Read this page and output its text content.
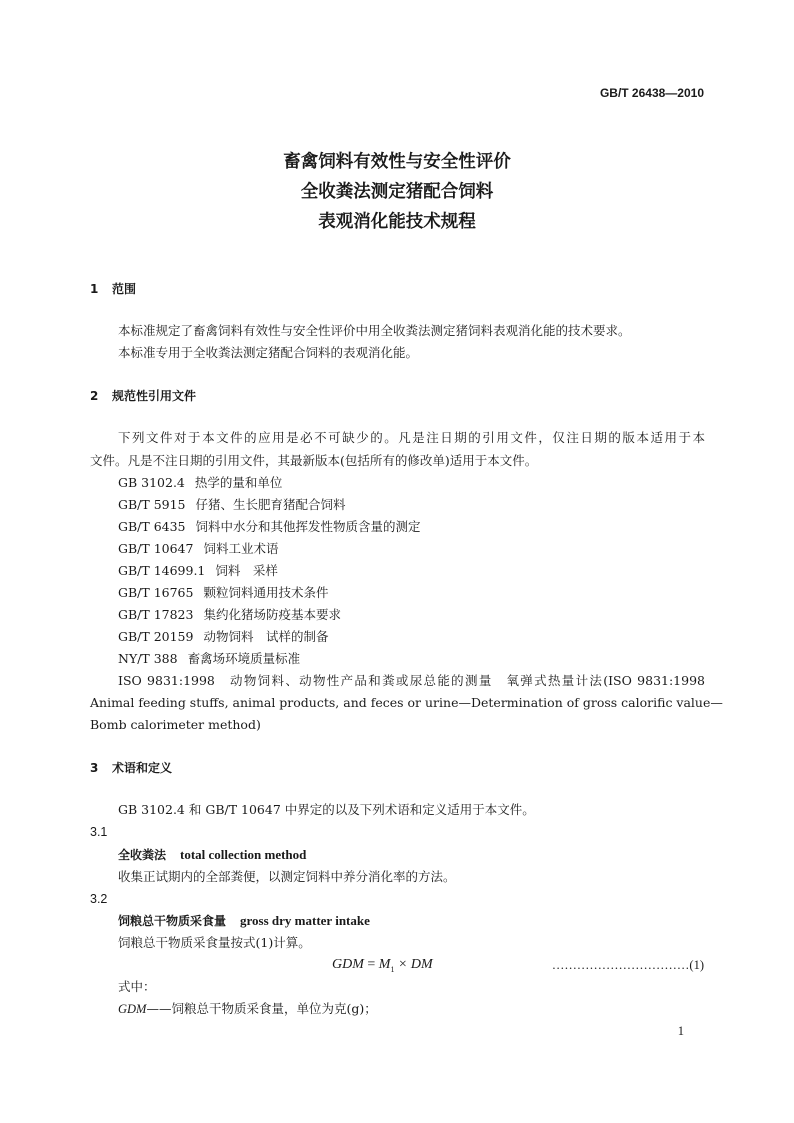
GB/T 26438—2010
畜禽饲料有效性与安全性评价
全收粪法测定猪配合饲料
表观消化能技术规程
1 范围
本标准规定了畜禽饲料有效性与安全性评价中用全收粪法测定猪饲料表观消化能的技术要求。
本标准专用于全收粪法测定猪配合饲料的表观消化能。
2 规范性引用文件
下列文件对于本文件的应用是必不可缺少的。凡是注日期的引用文件，仅注日期的版本适用于本
文件。凡是不注日期的引用文件，其最新版本(包括所有的修改单)适用于本文件。
GB 3102.4 热学的量和单位
GB/T 5915 仔猪、生长肥育猪配合饲料
GB/T 6435 饲料中水分和其他挥发性物质含量的测定
GB/T 10647 饲料工业术语
GB/T 14699.1 饲料　采样
GB/T 16765 颗粒饲料通用技术条件
GB/T 17823 集约化猪场防疫基本要求
GB/T 20159 动物饲料　试样的制备
NY/T 388 畜禽场环境质量标准
ISO 9831:1998　动物饲料、动物性产品和粪或尿总能的测量　氧弹式热量计法(ISO 9831:1998
Animal feeding stuffs, animal products, and feces or urine—Determination of gross calorific value—
Bomb calorimeter method)
3 术语和定义
GB 3102.4 和 GB/T 10647 中界定的以及下列术语和定义适用于本文件。
3.1
全收粪法 total collection method
收集正试期内的全部粪便，以测定饲料中养分消化率的方法。
3.2
饲粮总干物质采食量 gross dry matter intake
饲粮总干物质采食量按式(1)计算。
GDM = $M_1$ × DM	……………………………(1)
式中：
GDM——饲粮总干物质采食量，单位为克(g)；
1
